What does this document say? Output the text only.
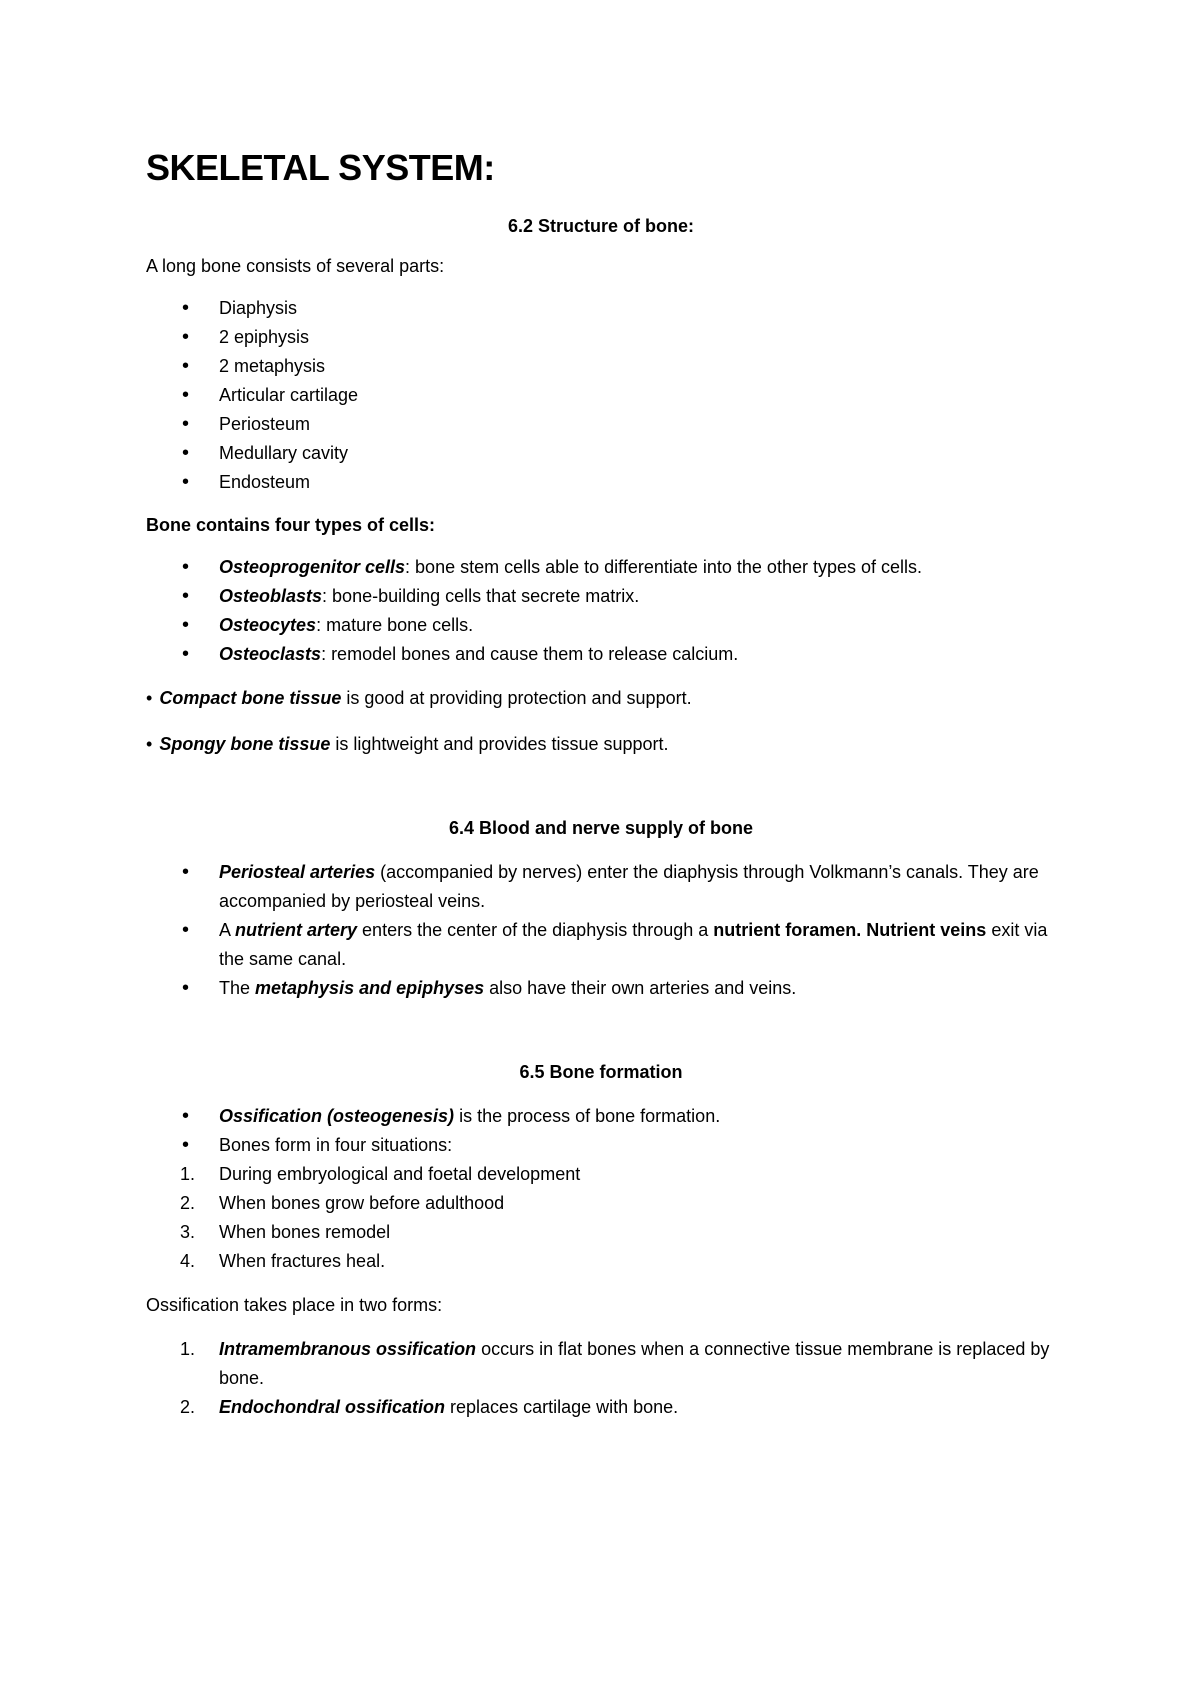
SKELETAL SYSTEM:
6.2 Structure of bone:

A long bone consists of several parts:

• Diaphysis
• 2 epiphysis
• 2 metaphysis
• Articular cartilage
• Periosteum
• Medullary cavity
• Endosteum

Bone contains four types of cells:

• Osteoprogenitor cells: bone stem cells able to differentiate into the other types of cells.
• Osteoblasts: bone-building cells that secrete matrix.
• Osteocytes: mature bone cells.
• Osteoclasts: remodel bones and cause them to release calcium.

• Compact bone tissue is good at providing protection and support.

• Spongy bone tissue is lightweight and provides tissue support.

6.4 Blood and nerve supply of bone
• Periosteal arteries (accompanied by nerves) enter the diaphysis through Volkmann’s canals. They are accompanied by periosteal veins.
• A nutrient artery enters the center of the diaphysis through a nutrient foramen. Nutrient veins exit via the same canal.
• The metaphysis and epiphyses also have their own arteries and veins.
6.5 Bone formation
• Ossification (osteogenesis) is the process of bone formation.
• Bones form in four situations:
1. During embryological and foetal development
2. When bones grow before adulthood
3. When bones remodel
4. When fractures heal.

Ossification takes place in two forms:

1. Intramembranous ossification occurs in flat bones when a connective tissue membrane is replaced by bone.
2. Endochondral ossification replaces cartilage with bone.
